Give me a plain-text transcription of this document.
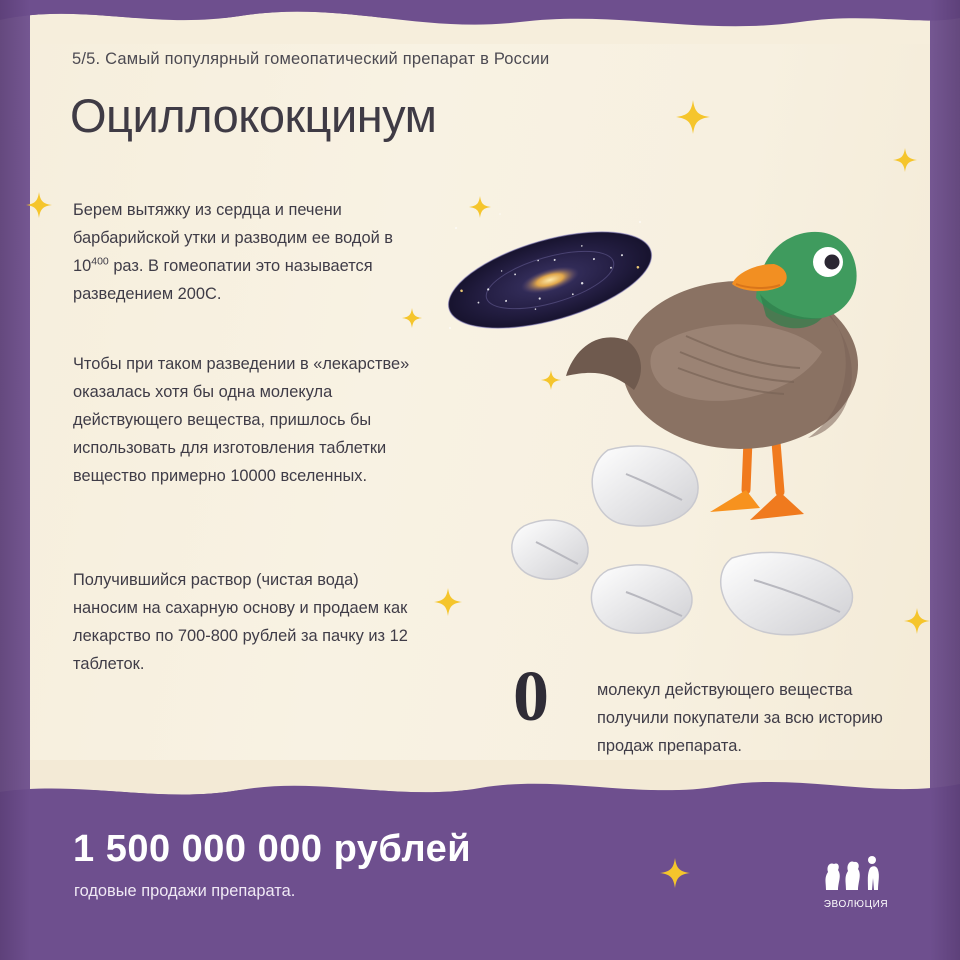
5/5. Самый популярный гомеопатический препарат в России
Оциллококцинум
Берем вытяжку из сердца и печени барбарийской утки и разводим ее водой в $10^{400}$ раз. В гомеопатии это называется разведением 200С.
Чтобы при таком разведении в «лекарстве» оказалась хотя бы одна молекула действующего вещества, пришлось бы использовать для изготовления таблетки вещество примерно 10000 вселенных.
Получившийся раствор (чистая вода) наносим на сахарную основу и продаем как лекарство по 700-800 рублей за пачку из 12 таблеток.	0	молекул действующего вещества получили покупатели за всю историю продаж препарата.
1 500 000 000 рублей
годовые продажи препарата.
ЭВОЛЮЦИЯ
